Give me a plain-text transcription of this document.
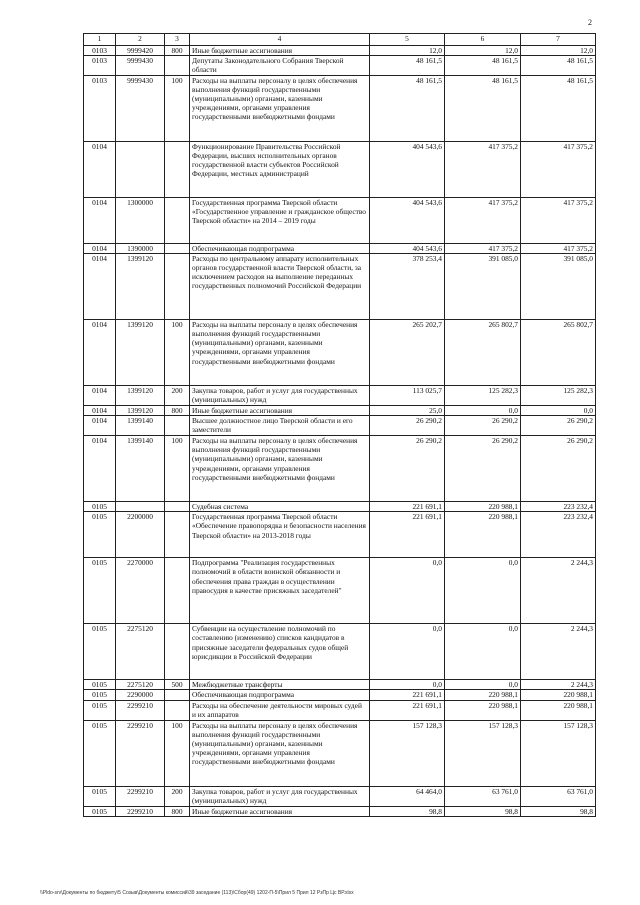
2
1	2	3	4	5	6	7
0103	9999420	800	Иные бюджетные ассигнования	12,0	12,0	12,0
0103	9999430		Депутаты Законодательного Собрания Тверской области	48 161,5	48 161,5	48 161,5
0103	9999430	100	Расходы на выплаты персоналу в целях обеспечения выполнения функций государственными (муниципальными) органами, казенными учреждениями, органами управления государственными внебюджетными фондами	48 161,5	48 161,5	48 161,5
0104			Функционирование Правительства Российской Федерации, высших исполнительных органов государственной власти субъектов Российской Федерации, местных администраций	404 543,6	417 375,2	417 375,2
0104	1300000		Государственная программа Тверской области «Государственное управление и гражданское общество Тверской области» на 2014 – 2019 годы	404 543,6	417 375,2	417 375,2
0104	1390000		Обеспечивающая подпрограмма	404 543,6	417 375,2	417 375,2
0104	1399120		Расходы по центральному аппарату исполнительных органов государственной власти Тверской области, за исключением расходов на выполнение переданных государственных полномочий Российской Федерации	378 253,4	391 085,0	391 085,0
0104	1399120	100	Расходы на выплаты персоналу в целях обеспечения выполнения функций государственными (муниципальными) органами, казенными учреждениями, органами управления государственными внебюджетными фондами	265 202,7	265 802,7	265 802,7
0104	1399120	200	Закупка товаров, работ и услуг для государственных (муниципальных) нужд	113 025,7	125 282,3	125 282,3
0104	1399120	800	Иные бюджетные ассигнования	25,0	0,0	0,0
0104	1399140		Высшее должностное лицо Тверской области и его заместители	26 290,2	26 290,2	26 290,2
0104	1399140	100	Расходы на выплаты персоналу в целях обеспечения выполнения функций государственными (муниципальными) органами, казенными учреждениями, органами управления государственными внебюджетными фондами	26 290,2	26 290,2	26 290,2
0105			Судебная система	221 691,1	220 988,1	223 232,4
0105	2200000		Государственная программа Тверской области «Обеспечение правопорядка и безопасности населения Тверской области» на 2013-2018 годы	221 691,1	220 988,1	223 232,4
0105	2270000		Подпрограмма "Реализация государственных полномочий в области воинской обязанности и обеспечения права граждан в осуществлении правосудия в качестве присяжных заседателей"	0,0	0,0	2 244,3
0105	2275120		Субвенции на осуществление полномочий по составлению (изменению) списков кандидатов в присяжные заседатели федеральных судов общей юрисдикции в Российской Федерации	0,0	0,0	2 244,3
0105	2275120	500	Межбюджетные трансферты	0,0	0,0	2 244,3
0105	2290000		Обеспечивающая подпрограмма	221 691,1	220 988,1	220 988,1
0105	2299210		Расходы на обеспечение деятельности мировых судей и их аппаратов	221 691,1	220 988,1	220 988,1
0105	2299210	100	Расходы на выплаты персоналу в целях обеспечения выполнения функций государственными (муниципальными) органами, казенными учреждениями, органами управления государственными внебюджетными фондами	157 128,3	157 128,3	157 128,3
0105	2299210	200	Закупка товаров, работ и услуг для государственных (муниципальных) нужд	64 464,0	63 761,0	63 761,0
0105	2299210	800	Иные бюджетные ассигнования	98,8	98,8	98,8
\\Pldo-srv\Документы по бюджету\5 Созыв\Документы комиссий\39 заседание (113)\Сбор(49) 1202-П-5\Прил 5 Прил 12 РзПр Цс ВР.xlsx
